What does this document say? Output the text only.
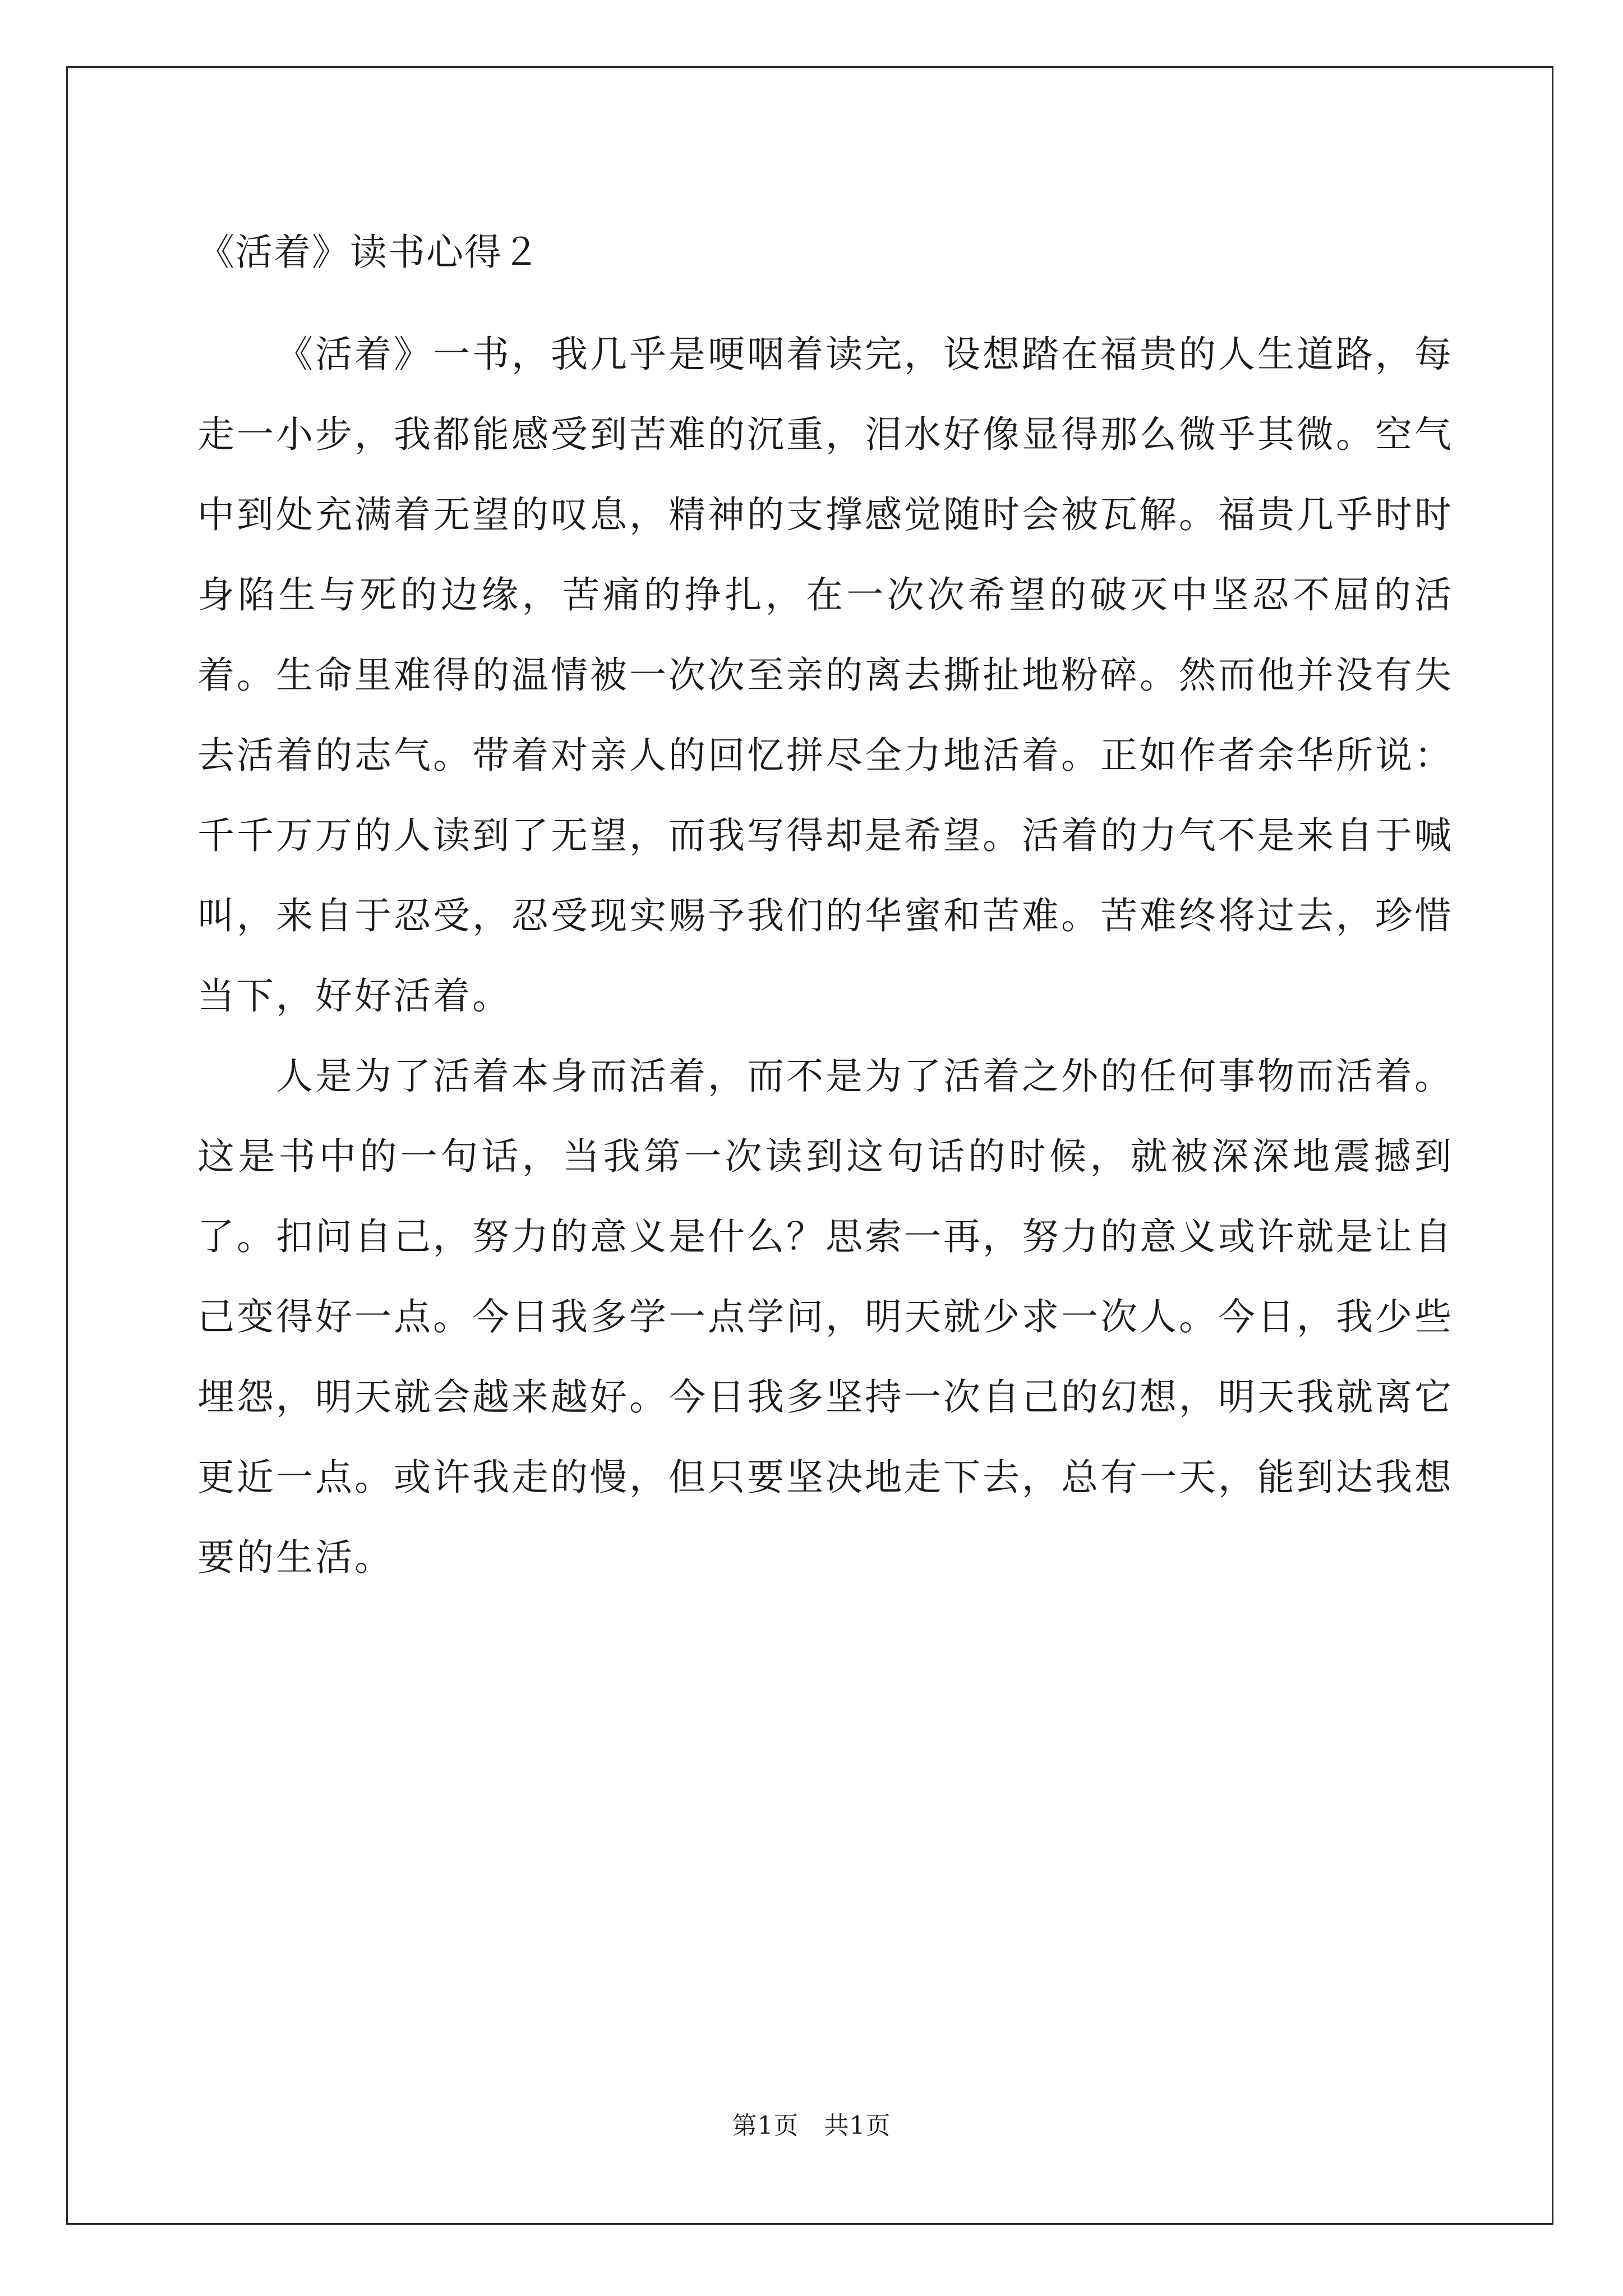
《活着》读书心得２

《活着》一书，我几乎是哽咽着读完，设想踏在福贵的人生道路，每走一小步，我都能感受到苦难的沉重，泪水好像显得那么微乎其微。空气中到处充满着无望的叹息，精神的支撑感觉随时会被瓦解。福贵几乎时时身陷生与死的边缘，苦痛的挣扎，在一次次希望的破灭中坚忍不屈的活着。生命里难得的温情被一次次至亲的离去撕扯地粉碎。然而他并没有失去活着的志气。带着对亲人的回忆拼尽全力地活着。正如作者余华所说：千千万万的人读到了无望，而我写得却是希望。活着的力气不是来自于喊叫，来自于忍受，忍受现实赐予我们的华蜜和苦难。苦难终将过去，珍惜当下，好好活着。

人是为了活着本身而活着，而不是为了活着之外的任何事物而活着。这是书中的一句话，当我第一次读到这句话的时候，就被深深地震撼到了。扣问自己，努力的意义是什么？思索一再，努力的意义或许就是让自己变得好一点。今日我多学一点学问，明天就少求一次人。今日，我少些埋怨，明天就会越来越好。今日我多坚持一次自己的幻想，明天我就离它更近一点。或许我走的慢，但只要坚决地走下去，总有一天，能到达我想要的生活。

第1页　共1页
